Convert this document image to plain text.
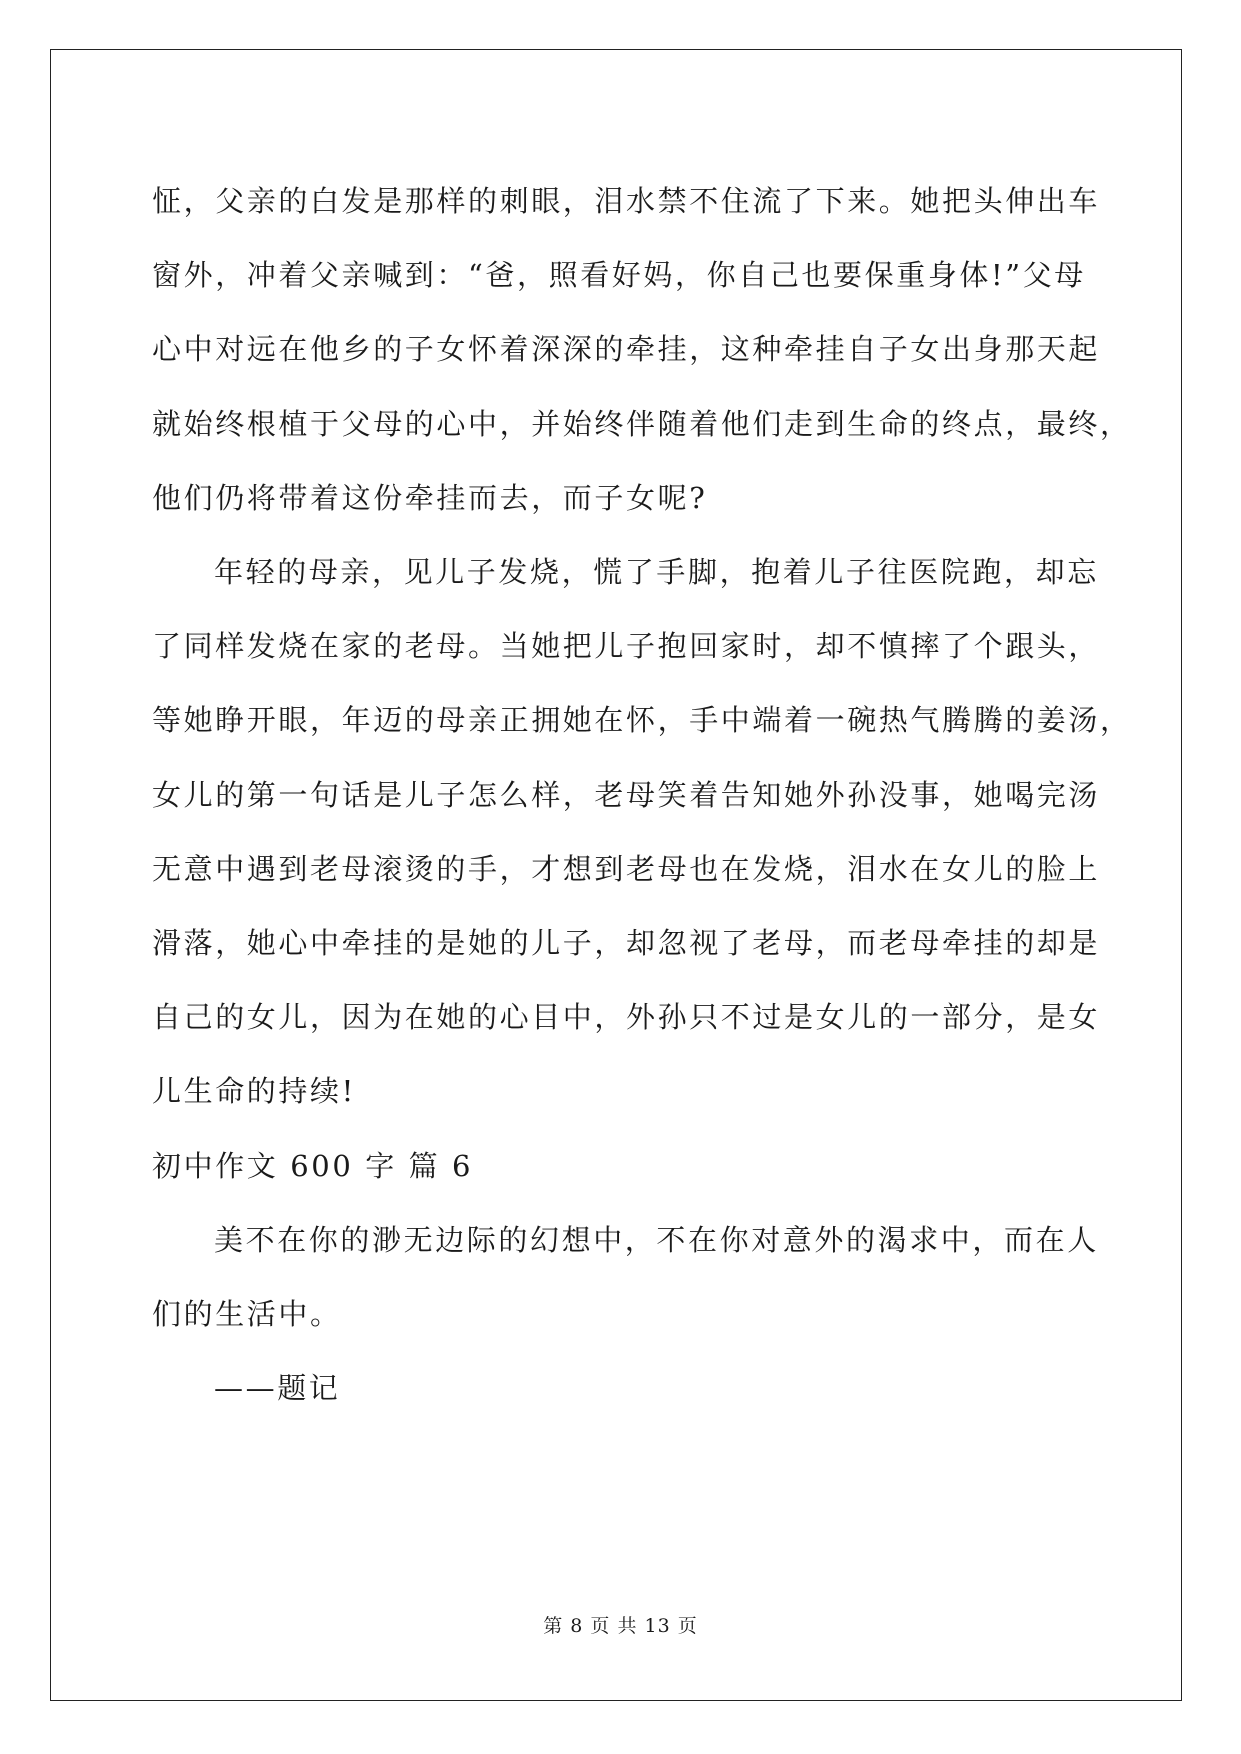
怔，父亲的白发是那样的刺眼，泪水禁不住流了下来。她把头伸出车

窗外，冲着父亲喊到：“爸，照看好妈，你自己也要保重身体!”父母

心中对远在他乡的子女怀着深深的牵挂，这种牵挂自子女出身那天起

就始终根植于父母的心中，并始终伴随着他们走到生命的终点，最终，

他们仍将带着这份牵挂而去，而子女呢?

年轻的母亲，见儿子发烧，慌了手脚，抱着儿子往医院跑，却忘

了同样发烧在家的老母。当她把儿子抱回家时，却不慎摔了个跟头，

等她睁开眼，年迈的母亲正拥她在怀，手中端着一碗热气腾腾的姜汤，

女儿的第一句话是儿子怎么样，老母笑着告知她外孙没事，她喝完汤

无意中遇到老母滚烫的手，才想到老母也在发烧，泪水在女儿的脸上

滑落，她心中牵挂的是她的儿子，却忽视了老母，而老母牵挂的却是

自己的女儿，因为在她的心目中，外孙只不过是女儿的一部分，是女

儿生命的持续!

初中作文 600 字 篇 6

美不在你的渺无边际的幻想中，不在你对意外的渴求中，而在人

们的生活中。

——题记

第 8 页 共 13 页
